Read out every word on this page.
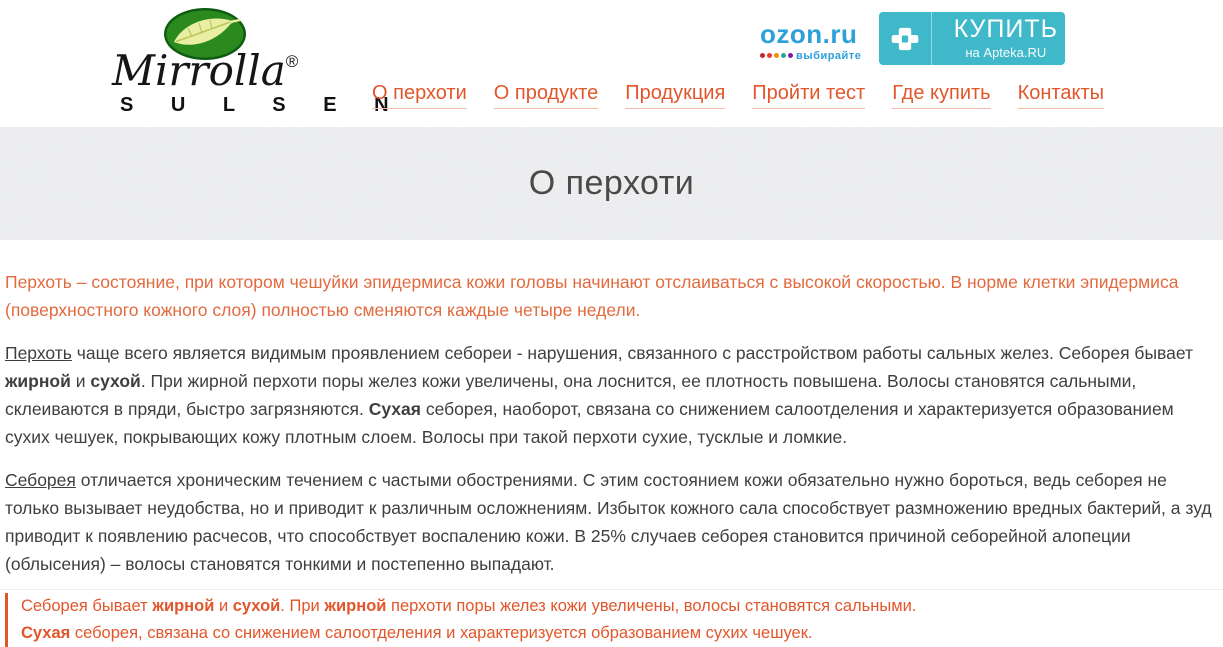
Mirrolla®
S U L S E N
ozon.ru
выбирайте
КУПИТЬ
на Apteka.RU
О перхоти О продукте Продукция Пройти тест Где купить Контакты
О перхоти

Перхоть – состояние, при котором чешуйки эпидермиса кожи головы начинают отслаиваться с высокой скоростью. В норме клетки эпидермиса (поверхностного кожного слоя) полностью сменяются каждые четыре недели.

Перхоть чаще всего является видимым проявлением себореи - нарушения, связанного с расстройством работы сальных желез. Себорея бывает жирной и сухой. При жирной перхоти поры желез кожи увеличены, она лоснится, ее плотность повышена. Волосы становятся сальными, склеиваются в пряди, быстро загрязняются. Сухая себорея, наоборот, связана со снижением салоотделения и характеризуется образованием сухих чешуек, покрывающих кожу плотным слоем. Волосы при такой перхоти сухие, тусклые и ломкие.

Себорея отличается хроническим течением с частыми обострениями. С этим состоянием кожи обязательно нужно бороться, ведь себорея не только вызывает неудобства, но и приводит к различным осложнениям. Избыток кожного сала способствует размножению вредных бактерий, а зуд приводит к появлению расчесов, что способствует воспалению кожи. В 25% случаев себорея становится причиной себорейной алопеции (облысения) – волосы становятся тонкими и постепенно выпадают.

Себорея бывает жирной и сухой. При жирной перхоти поры желез кожи увеличены, волосы становятся сальными. Сухая себорея, связана со снижением салоотделения и характеризуется образованием сухих чешуек.
